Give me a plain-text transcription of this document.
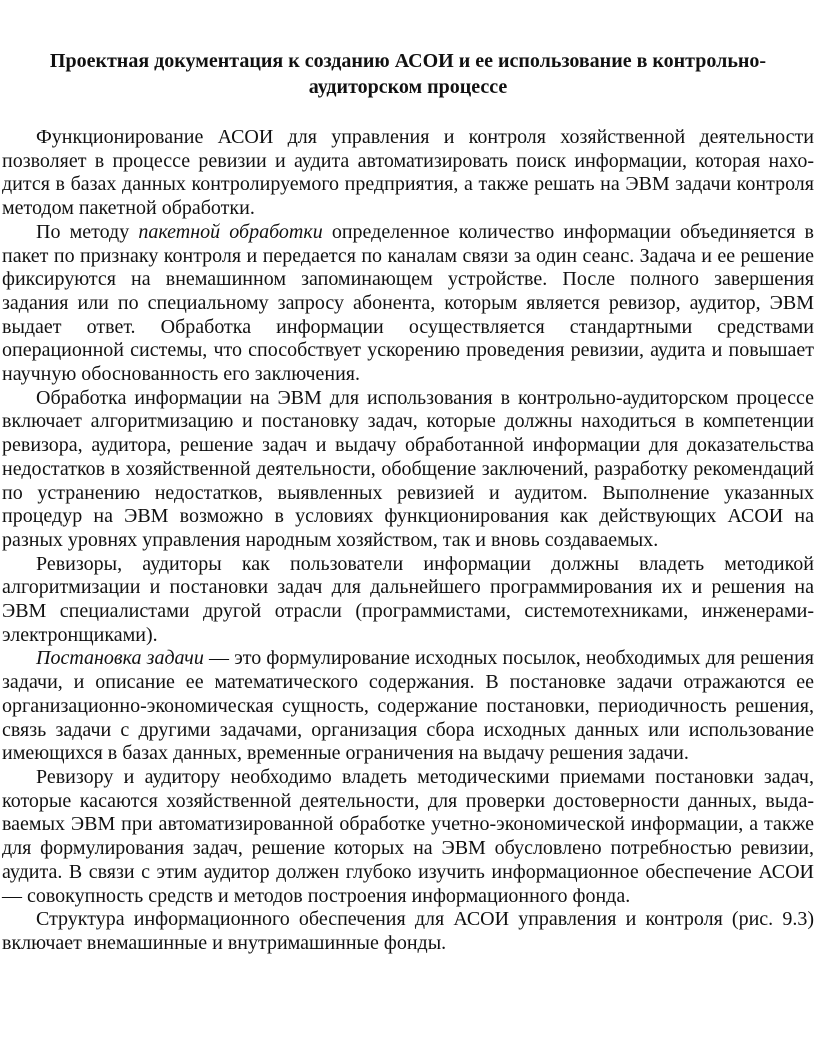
Проектная документация к созданию АСОИ и ее использование в контрольно-
аудиторском процессе

Функционирование АСОИ для управления и контроля хозяйственной деятельности позволяет в процессе ревизии и аудита автоматизировать поиск информации, которая находится в базах данных контролируемого предприятия, а также решать на ЭВМ задачи контроля методом пакетной обработки.

По методу пакетной обработки определенное количество информации объединяется в пакет по признаку контроля и передается по каналам связи за один сеанс. Задача и ее решение фиксируются на внемашинном запоминающем устройстве. После полного завершения задания или по специальному запросу абонента, которым является ревизор, аудитор, ЭВМ выдает ответ. Обработка информации осуществляется стандартными средствами операционной системы, что способствует ускорению проведения ревизии, аудита и повышает научную обоснованность его заключения.

Обработка информации на ЭВМ для использования в контрольно-аудиторском процессе включает алгоритмизацию и постановку задач, которые должны находиться в компетенции ревизора, аудитора, решение задач и выдачу обработанной информации для доказательства недостатков в хозяйственной деятельности, обобщение заключений, разработку рекомендаций по устранению недостатков, выявленных ревизией и аудитом. Выполнение указанных процедур на ЭВМ возможно в условиях функционирования как действующих АСОИ на разных уровнях управления народным хозяйством, так и вновь создаваемых.

Ревизоры, аудиторы как пользователи информации должны владеть методикой алгоритмизации и постановки задач для дальнейшего программирования их и решения на ЭВМ специалистами другой отрасли (программистами, системотехниками, инженерами-электронщиками).

Постановка задачи — это формулирование исходных посылок, необходимых для решения задачи, и описание ее математического содержания. В постановке задачи отражаются ее организационно-экономическая сущность, содержание постановки, периодичность решения, связь задачи с другими задачами, организация сбора исходных данных или использование имеющихся в базах данных, временные ограничения на выдачу решения задачи.

Ревизору и аудитору необходимо владеть методическими приемами постановки задач, которые касаются хозяйственной деятельности, для проверки достоверности данных, выдаваемых ЭВМ при автоматизированной обработке учетно-экономической информации, а также для формулирования задач, решение которых на ЭВМ обусловлено потребностью ревизии, аудита. В связи с этим аудитор должен глубоко изучить информационное обеспечение АСОИ — совокупность средств и методов построения информационного фонда.

Структура информационного обеспечения для АСОИ управления и контроля (рис. 9.3) включает внемашинные и внутримашинные фонды.
